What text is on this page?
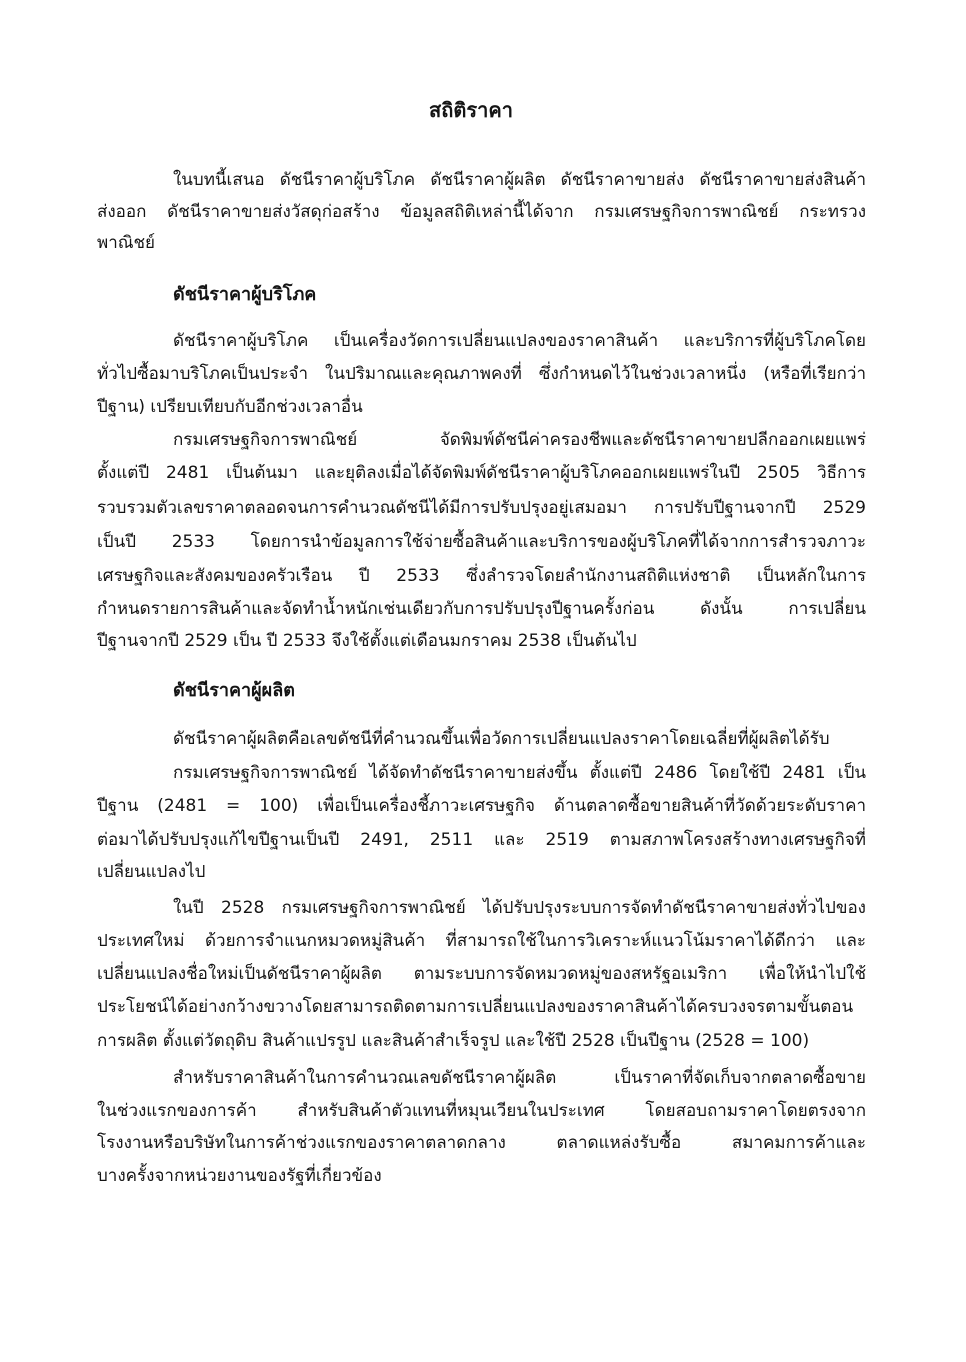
สถิติราคา
ในบทนี้เสนอ ดัชนีราคาผู้บริโภค ดัชนีราคาผู้ผลิต ดัชนีราคาขายส่ง ดัชนีราคาขายส่งสินค้า
ส่งออก ดัชนีราคาขายส่งวัสดุก่อสร้าง ข้อมูลสถิติเหล่านี้ได้จาก กรมเศรษฐกิจการพาณิชย์ กระทรวง
พาณิชย์
ดัชนีราคาผู้บริโภค
ดัชนีราคาผู้บริโภค เป็นเครื่องวัดการเปลี่ยนแปลงของราคาสินค้า และบริการที่ผู้บริโภคโดย
ทั่วไปซื้อมาบริโภคเป็นประจำ ในปริมาณและคุณภาพคงที่ ซึ่งกำหนดไว้ในช่วงเวลาหนึ่ง (หรือที่เรียกว่า
ปีฐาน) เปรียบเทียบกับอีกช่วงเวลาอื่น
กรมเศรษฐกิจการพาณิชย์ จัดพิมพ์ดัชนีค่าครองชีพและดัชนีราคาขายปลีกออกเผยแพร่
ตั้งแต่ปี 2481 เป็นต้นมา และยุติลงเมื่อได้จัดพิมพ์ดัชนีราคาผู้บริโภคออกเผยแพร่ในปี 2505 วิธีการ
รวบรวมตัวเลขราคาตลอดจนการคำนวณดัชนีได้มีการปรับปรุงอยู่เสมอมา การปรับปีฐานจากปี 2529
เป็นปี 2533 โดยการนำข้อมูลการใช้จ่ายซื้อสินค้าและบริการของผู้บริโภคที่ได้จากการสำรวจภาวะ
เศรษฐกิจและสังคมของครัวเรือน ปี 2533 ซึ่งลำรวจโดยลำนักงานสถิติแห่งชาติ เป็นหลักในการ
กำหนดรายการสินค้าและจัดทำน้ำหนักเช่นเดียวกับการปรับปรุงปีฐานครั้งก่อน ดังนั้น การเปลี่ยน
ปีฐานจากปี 2529 เป็น ปี 2533 จึงใช้ตั้งแต่เดือนมกราคม 2538 เป็นต้นไป
ดัชนีราคาผู้ผลิต
ดัชนีราคาผู้ผลิตคือเลขดัชนีที่คำนวณขึ้นเพื่อวัดการเปลี่ยนแปลงราคาโดยเฉลี่ยที่ผู้ผลิตได้รับ
กรมเศรษฐกิจการพาณิชย์ ได้จัดทำดัชนีราคาขายส่งขึ้น ตั้งแต่ปี 2486 โดยใช้ปี 2481 เป็น
ปีฐาน (2481 = 100) เพื่อเป็นเครื่องชี้ภาวะเศรษฐกิจ ด้านตลาดซื้อขายสินค้าที่วัดด้วยระดับราคา
ต่อมาได้ปรับปรุงแก้ไขปีฐานเป็นปี 2491, 2511 และ 2519 ตามสภาพโครงสร้างทางเศรษฐกิจที่
เปลี่ยนแปลงไป
ในปี 2528 กรมเศรษฐกิจการพาณิชย์ ได้ปรับปรุงระบบการจัดทำดัชนีราคาขายส่งทั่วไปของ
ประเทศใหม่ ด้วยการจำแนกหมวดหมู่สินค้า ที่สามารถใช้ในการวิเคราะห์แนวโน้มราคาได้ดีกว่า และ
เปลี่ยนแปลงชื่อใหม่เป็นดัชนีราคาผู้ผลิต ตามระบบการจัดหมวดหมู่ของสหรัฐอเมริกา เพื่อให้นำไปใช้
ประโยชน์ได้อย่างกว้างขวางโดยสามารถติดตามการเปลี่ยนแปลงของราคาสินค้าได้ครบวงจรตามขั้นตอน
การผลิต ตั้งแต่วัตถุดิบ สินค้าแปรรูป และสินค้าสำเร็จรูป และใช้ปี 2528 เป็นปีฐาน (2528 = 100)
สำหรับราคาสินค้าในการคำนวณเลขดัชนีราคาผู้ผลิต เป็นราคาที่จัดเก็บจากตลาดซื้อขาย
ในช่วงแรกของการค้า สำหรับสินค้าตัวแทนที่หมุนเวียนในประเทศ โดยสอบถามราคาโดยตรงจาก
โรงงานหรือบริษัทในการค้าช่วงแรกของราคาตลาดกลาง ตลาดแหล่งรับซื้อ สมาคมการค้าและ
บางครั้งจากหน่วยงานของรัฐที่เกี่ยวข้อง
